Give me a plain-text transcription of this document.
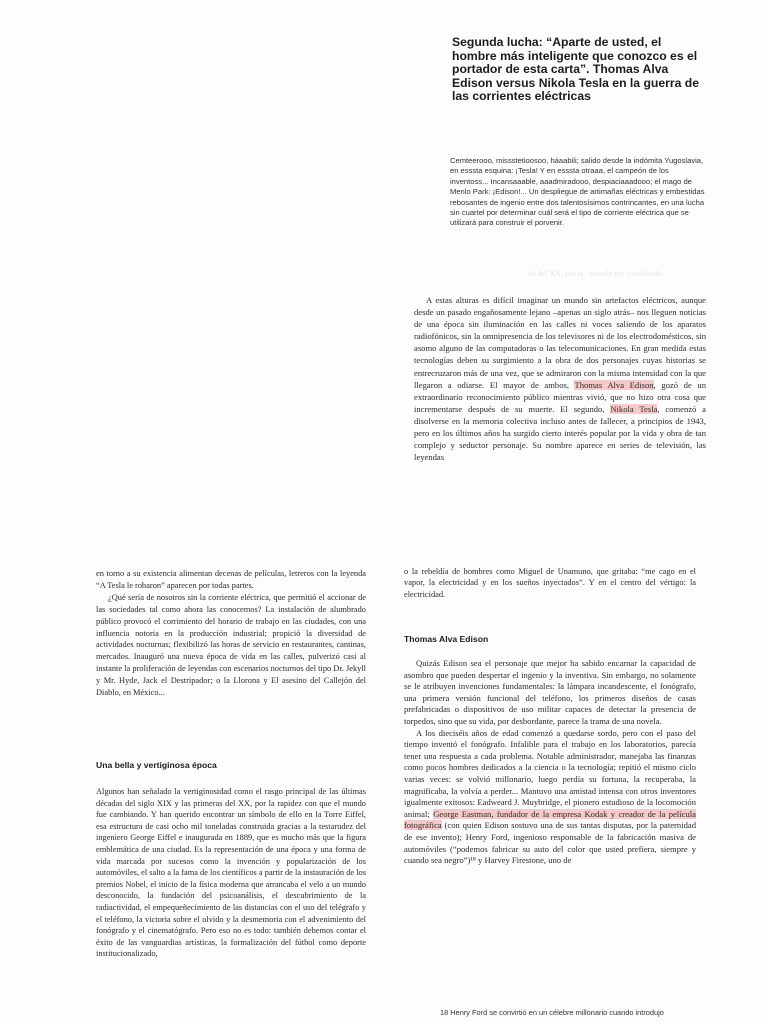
Segunda lucha: “Aparte de usted, el hombre más inteligente que conozco es el portador de esta carta”. Thomas Alva Edison versus Nikola Tesla en la guerra de las corrientes eléctricas
Cemteerooo, missstetioosoo, háaabili; salido desde la indómita Yugoslavia, en esssta esquina: ¡Tesla! Y en esssta otraaa, el campeón de los inventoss... Incansaaable, aaadmiradooo, despiaciaaadooo; el mago de Menlo Park: ¡Edison!... Un despliegue de artimañas eléctricas y embestidas rebosantes de ingenio entre dos talentosísimos contrincantes, en una lucha sin cuartel por determinar cuál será el tipo de corriente eléctrica que se utilizará para construir el porvenir.
ad del XX, por la · mundo fue cambiando

A estas alturas es difícil imaginar un mundo sin artefactos eléctricos, aunque desde un pasado engañosamente lejano –apenas un siglo atrás– nos lleguen noticias de una época sin iluminación en las calles ni voces saliendo de los aparatos radiofónicos, sin la omnipresencia de los televisores ni de los electrodomésticos, sin asomo alguno de las computadoras o las telecomunicaciones. En gran medida estas tecnologías deben su surgimiento a la obra de dos personajes cuyas historias se entrecruzaron más de una vez, que se admiraron con la misma intensidad con la que llegaron a odiarse. El mayor de ambos, Thomas Alva Edison, gozó de un extraordinario reconocimiento público mientras vivió, que no hizo otra cosa que incrementarse después de su muerte. El segundo, Nikola Tesla, comenzó a disolverse en la memoria colectiva incluso antes de fallecer, a principios de 1943, pero en los últimos años ha surgido cierto interés popular por la vida y obra de tan complejo y seductor personaje. Su nombre aparece en series de televisión, las leyendas

en torno a su existencia alimentan decenas de películas, letreros con la leyenda “A Tesla le robaron” aparecen por todas partes.

¿Qué sería de nosotros sin la corriente eléctrica, que permitió el accionar de las sociedades tal como ahora las conocemos? La instalación de alumbrado público provocó el corrimiento del horario de trabajo en las ciudades, con una influencia notoria en la producción industrial; propició la diversidad de actividades nocturnas; flexibilizó las horas de servicio en restaurantes, cantinas, mercados. Inauguró una nueva época de vida en las calles, pulverizó casi al instante la proliferación de leyendas con escenarios nocturnos del tipo Dr. Jekyll y Mr. Hyde, Jack el Destripador; o la Llorona y El asesino del Callejón del Diablo, en México...

Una bella y vertiginosa época

Algunos han señalado la vertiginosidad como el rasgo principal de las últimas décadas del siglo XIX y las primeras del XX, por la rapidez con que el mundo fue cambiando. Y han querido encontrar un símbolo de ello en la Torre Eiffel, esa estructura de casi ocho mil toneladas construida gracias a la testarudez del ingeniero George Eiffel e inaugurada en 1889, que es mucho más que la figura emblemática de una ciudad. Es la representación de una época y una forma de vida marcada por sucesos como la invención y popularización de los automóviles, el salto a la fama de los científicos a partir de la instauración de los premios Nobel, el inicio de la física moderna que arrancaba el velo a un mundo desconocido, la fundación del psicoanálisis, el descubrimiento de la radiactividad, el empequeñecimiento de las distancias con el uso del telégrafo y el teléfono, la victoria sobre el olvido y la desmemoria con el advenimiento del fonógrafo y el cinematógrafo. Pero eso no es todo: también debemos contar el éxito de las vanguardias artísticas, la formalización del fútbol como deporte institucionalizado,

o la rebeldía de hombres como Miguel de Unamuno, que gritaba: “me cago en el vapor, la electricidad y en los sueños inyectados”. Y en el centro del vértigo: la electricidad.

Thomas Alva Edison

Quizás Edison sea el personaje que mejor ha sabido encarnar la capacidad de asombro que pueden despertar el ingenio y la inventiva. Sin embargo, no solamente se le atribuyen invenciones fundamentales: la lámpara incandescente, el fonógrafo, una primera versión funcional del teléfono, los primeros diseños de casas prefabricadas o dispositivos de uso militar capaces de detectar la presencia de torpedos, sino que su vida, por desbordante, parece la trama de una novela.

A los dieciséis años de edad comenzó a quedarse sordo, pero con el paso del tiempo inventó el fonógrafo. Infalible para el trabajo en los laboratorios, parecía tener una respuesta a cada problema. Notable administrador, manejaba las finanzas como pocos hombres dedicados a la ciencia o la tecnología; repitió el mismo ciclo varias veces: se volvió millonario, luego perdía su fortuna, la recuperaba, la magnificaba, la volvía a perder... Mantuvo una amistad intensa con otros inventores igualmente exitosos: Eadweard J. Muybridge, el pionero estudioso de la locomoción animal; George Eastman, fundador de la empresa Kodak y creador de la película fotográfica (con quien Edison sostuvo una de sus tantas disputas, por la paternidad de ese invento); Henry Ford, ingenioso responsable de la fabricación masiva de automóviles (“podemos fabricar su auto del color que usted prefiera, siempre y cuando sea negro”)¹⁸ y Harvey Firestone, uno de

18 Henry Ford se convirtió en un célebre millonario cuando introdujo
